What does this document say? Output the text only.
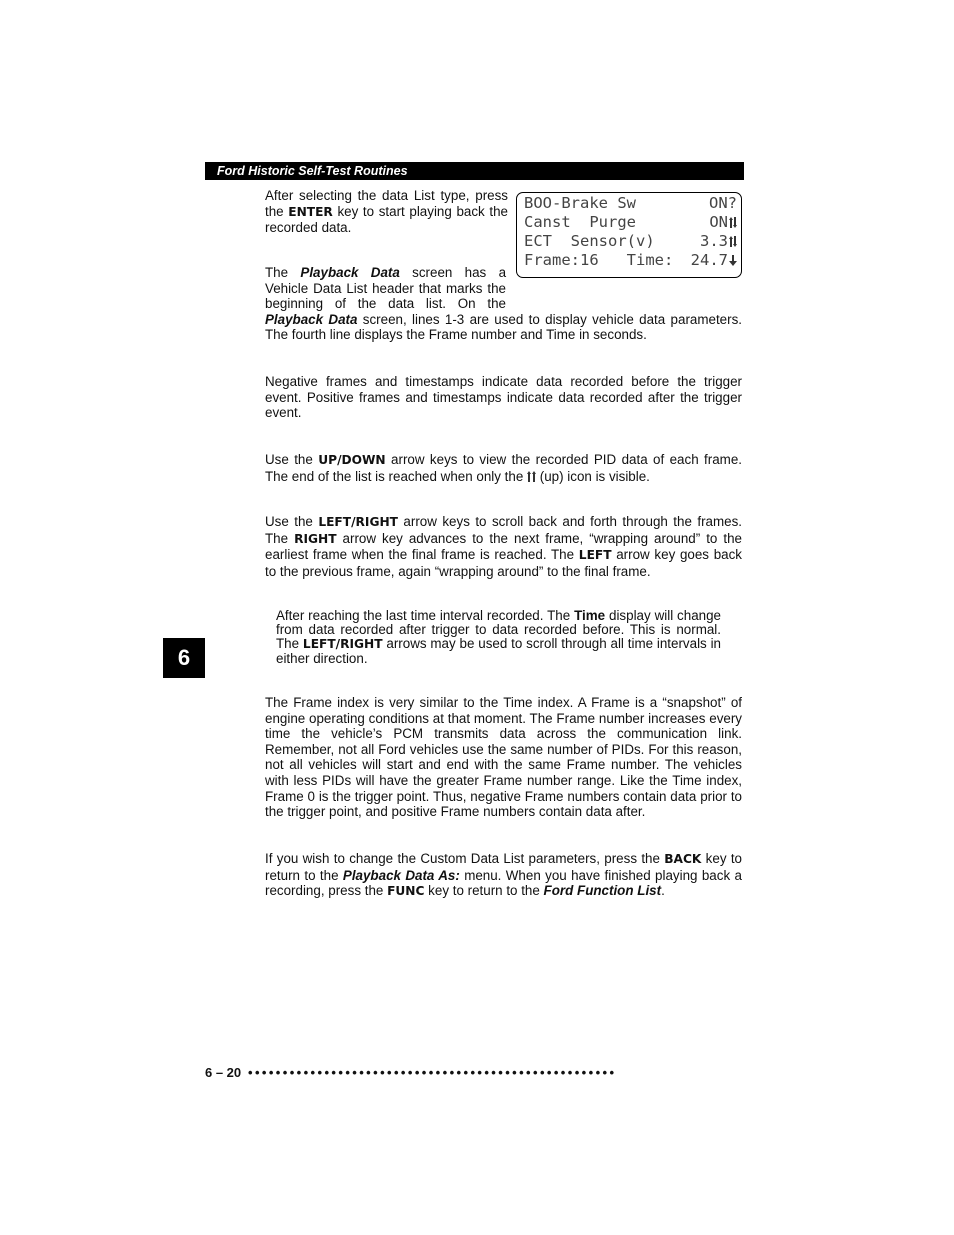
Ford Historic Self-Test Routines
BOO-Brake Sw	ON?
Canst  Purge	ON
ECT  Sensor(v)	3.3
Frame:16   Time: 24.7

After selecting the data List type, press the ENTER key to start playing back the recorded data.

The Playback Data screen has a Vehicle Data List header that marks the beginning of the data list. On the Playback Data screen, lines 1-3 are used to display vehicle data parameters. The fourth line displays the Frame number and Time in seconds.

Negative frames and timestamps indicate data recorded before the trigger event. Positive frames and timestamps indicate data recorded after the trigger event.

Use the UP/DOWN arrow keys to view the recorded PID data of each frame. The end of the list is reached when only the  (up) icon is visible.

Use the LEFT/RIGHT arrow keys to scroll back and forth through the frames. The RIGHT arrow key advances to the next frame, “wrapping around” to the earliest frame when the final frame is reached. The LEFT arrow key goes back to the previous frame, again “wrapping around” to the final frame.

After reaching the last time interval recorded. The Time display will change from data recorded after trigger to data recorded before. This is normal. The LEFT/RIGHT arrows may be used to scroll through all time intervals in either direction.

6

The Frame index is very similar to the Time index. A Frame is a “snapshot” of engine operating conditions at that moment. The Frame number increases every time the vehicle’s PCM transmits data across the communication link. Remember, not all Ford vehicles use the same number of PIDs. For this reason, not all vehicles will start and end with the same Frame number. The vehicles with less PIDs will have the greater Frame number range. Like the Time index, Frame 0 is the trigger point. Thus, negative Frame numbers contain data prior to the trigger point, and positive Frame numbers contain data after.

If you wish to change the Custom Data List parameters, press the BACK key to return to the Playback Data As: menu. When you have finished playing back a recording, press the FUNC key to return to the Ford Function List.

6 – 20 •••••••••••••••••••••••••••••••••••••••••••••••••••••
